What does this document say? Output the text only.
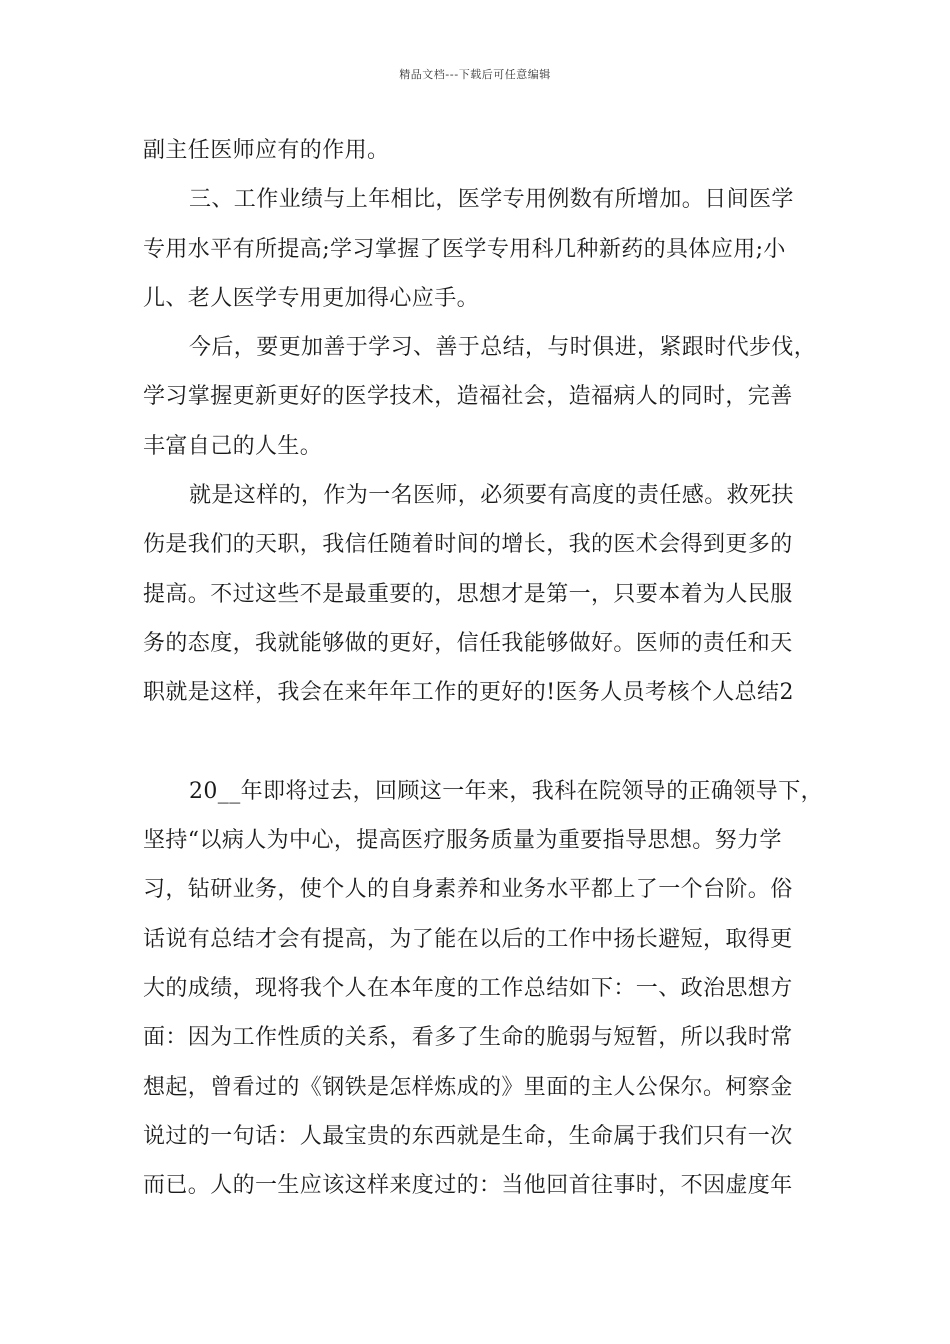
精品文档---下载后可任意编辑
副主任医师应有的作用。
三、工作业绩与上年相比，医学专用例数有所增加。日间医学
专用水平有所提高;学习掌握了医学专用科几种新药的具体应用;小
儿、老人医学专用更加得心应手。
今后，要更加善于学习、善于总结，与时俱进，紧跟时代步伐，
学习掌握更新更好的医学技术，造福社会，造福病人的同时，完善
丰富自己的人生。
就是这样的，作为一名医师，必须要有高度的责任感。救死扶
伤是我们的天职，我信任随着时间的增长，我的医术会得到更多的
提高。不过这些不是最重要的，思想才是第一，只要本着为人民服
务的态度，我就能够做的更好，信任我能够做好。医师的责任和天
职就是这样，我会在来年年工作的更好的!医务人员考核个人总结2
20__年即将过去，回顾这一年来，我科在院领导的正确领导下，
坚持“以病人为中心，提高医疗服务质量为重要指导思想。努力学
习，钻研业务，使个人的自身素养和业务水平都上了一个台阶。俗
话说有总结才会有提高，为了能在以后的工作中扬长避短，取得更
大的成绩，现将我个人在本年度的工作总结如下：一、政治思想方
面：因为工作性质的关系，看多了生命的脆弱与短暂，所以我时常
想起，曾看过的《钢铁是怎样炼成的》里面的主人公保尔。柯察金
说过的一句话：人最宝贵的东西就是生命，生命属于我们只有一次
而已。人的一生应该这样来度过的：当他回首往事时，不因虚度年
